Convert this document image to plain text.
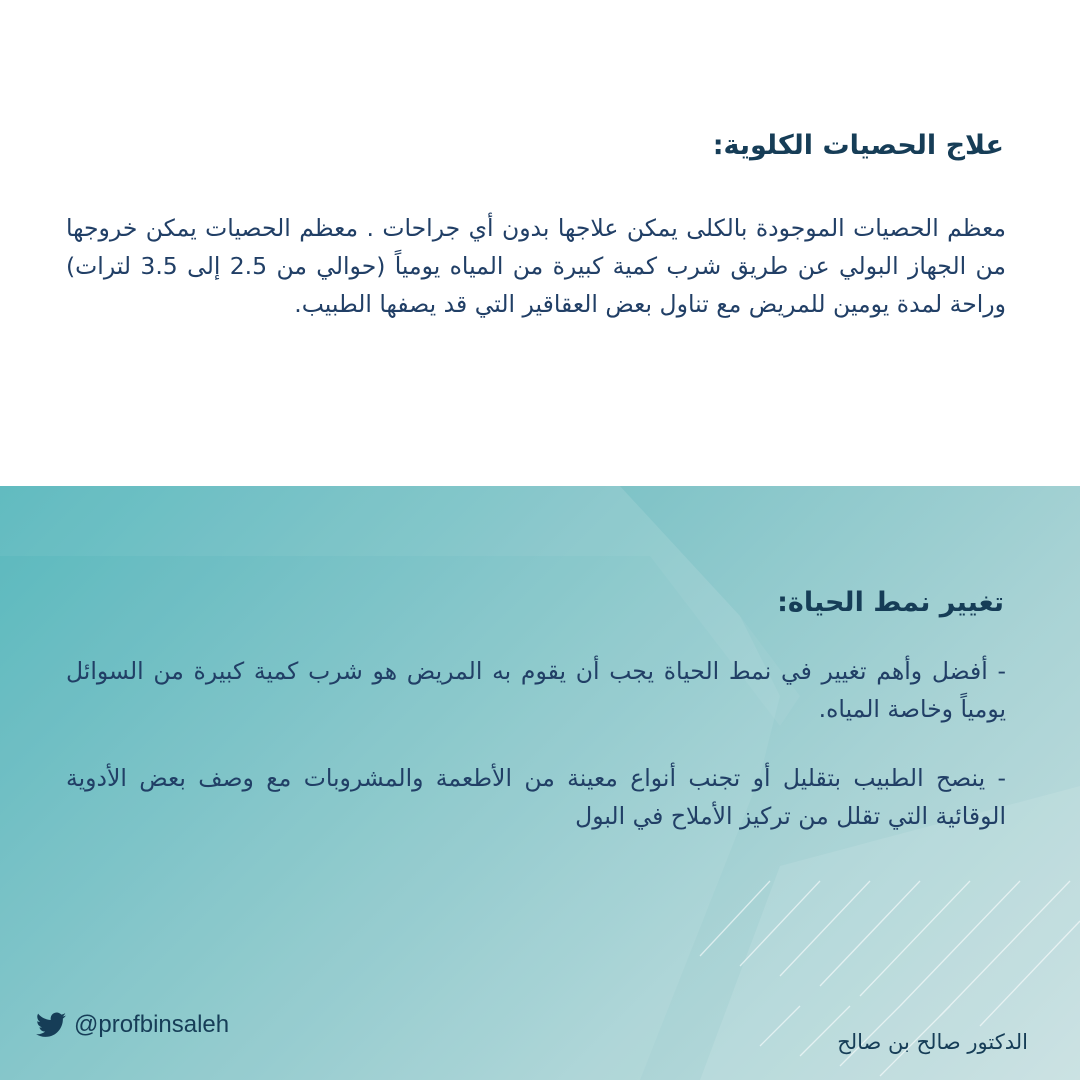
علاج الحصيات الكلوية:

معظم الحصيات الموجودة بالكلى يمكن علاجها بدون أي جراحات . معظم الحصيات يمكن خروجها من الجهاز البولي عن طريق شرب كمية كبيرة من المياه يومياً (حوالي من 2.5 إلى 3.5 لترات) وراحة لمدة يومين للمريض مع تناول بعض العقاقير التي قد يصفها الطبيب.

تغيير نمط الحياة:

- أفضل وأهم تغيير في نمط الحياة يجب أن يقوم به المريض هو شرب كمية كبيرة من السوائل يومياً وخاصة المياه.

- ينصح الطبيب بتقليل أو تجنب أنواع معينة من الأطعمة والمشروبات مع وصف بعض الأدوية الوقائية التي تقلل من تركيز الأملاح في البول

@profbinsaleh
الدكتور صالح بن صالح
